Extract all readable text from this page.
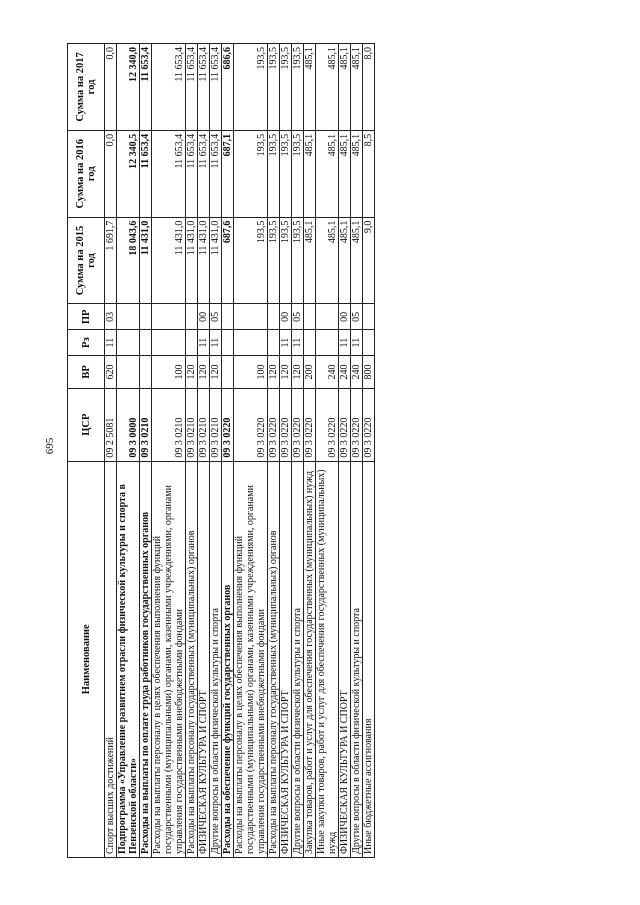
695
Наименование	ЦСР	ВР	Рз	ПР	Сумма на 2015 год	Сумма на 2016 год	Сумма на 2017 год
Спорт высших достижений	09 2 5081	620	11	03	1 691,7	0,0	0,0
Подпрограмма «Управление развитием отрасли физической культуры и спорта в Пензенской области»	09 3 0000				18 043,6	12 340,5	12 340,0
Расходы на выплаты по оплате труда работников государственных органов	09 3 0210				11 431,0	11 653,4	11 653,4
Расходы на выплаты персоналу в целях обеспечения выполнения функций государственными (муниципальными) органами, казенными учреждениями, органами управления государственными внебюджетными фондами	09 3 0210	100			11 431,0	11 653,4	11 653,4
Расходы на выплаты персоналу государственных (муниципальных) органов	09 3 0210	120			11 431,0	11 653,4	11 653,4
ФИЗИЧЕСКАЯ КУЛЬТУРА И СПОРТ	09 3 0210	120	11	00	11 431,0	11 653,4	11 653,4
Другие вопросы в области физической культуры и спорта	09 3 0210	120	11	05	11 431,0	11 653,4	11 653,4
Расходы на обеспечение функций государственных органов	09 3 0220				687,6	687,1	686,6
Расходы на выплаты персоналу в целях обеспечения выполнения функций государственными (муниципальными) органами, казенными учреждениями, органами управления государственными внебюджетными фондами	09 3 0220	100			193,5	193,5	193,5
Расходы на выплаты персоналу государственных (муниципальных) органов	09 3 0220	120			193,5	193,5	193,5
ФИЗИЧЕСКАЯ КУЛЬТУРА И СПОРТ	09 3 0220	120	11	00	193,5	193,5	193,5
Другие вопросы в области физической культуры и спорта	09 3 0220	120	11	05	193,5	193,5	193,5
Закупка товаров, работ и услуг для обеспечения государственных (муниципальных) нужд	09 3 0220	200			485,1	485,1	485,1
Иные закупки товаров, работ и услуг для обеспечения государственных (муниципальных) нужд	09 3 0220	240			485,1	485,1	485,1
ФИЗИЧЕСКАЯ КУЛЬТУРА И СПОРТ	09 3 0220	240	11	00	485,1	485,1	485,1
Другие вопросы в области физической культуры и спорта	09 3 0220	240	11	05	485,1	485,1	485,1
Иные бюджетные ассигнования	09 3 0220	800			9,0	8,5	8,0
